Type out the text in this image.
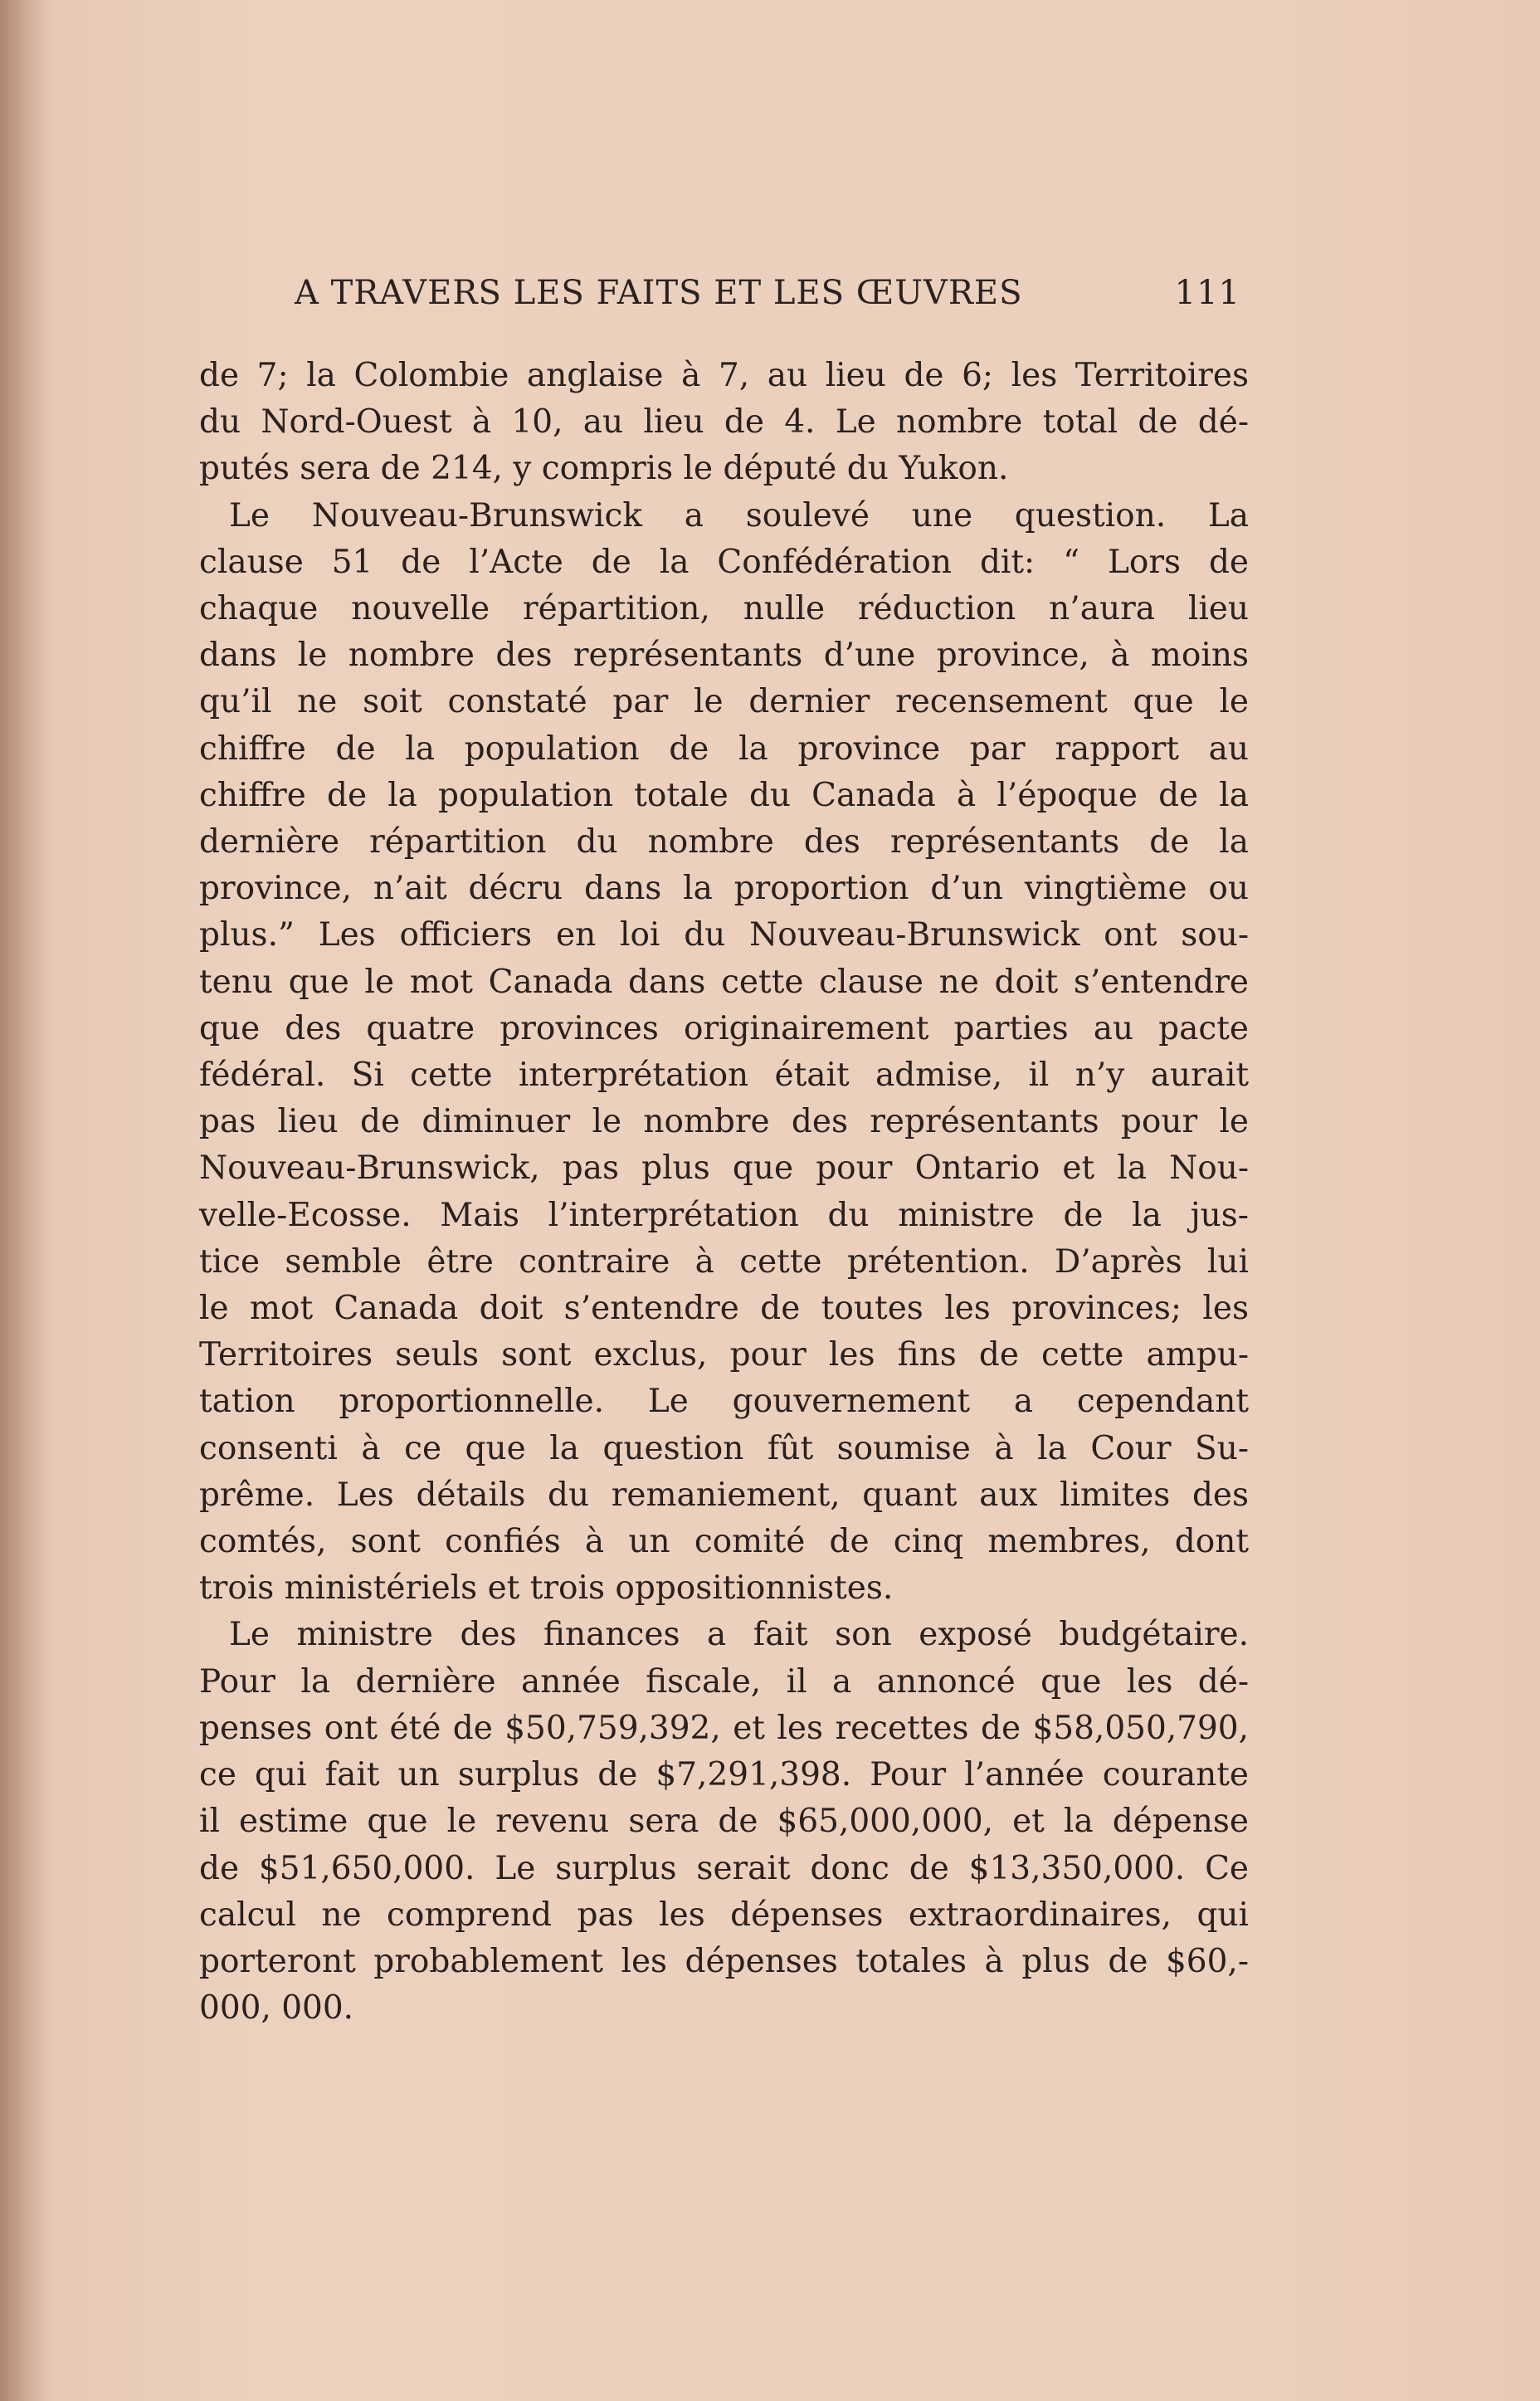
A TRAVERS LES FAITS ET LES ŒUVRES	111

de 7; la Colombie anglaise à 7, au lieu de 6; les Territoires
du Nord-Ouest à 10, au lieu de 4. Le nombre total de dé-
putés sera de 214, y compris le député du Yukon.

Le Nouveau-Brunswick a soulevé une question. La
clause 51 de l’Acte de la Confédération dit: “ Lors de
chaque nouvelle répartition, nulle réduction n’aura lieu
dans le nombre des représentants d’une province, à moins
qu’il ne soit constaté par le dernier recensement que le
chiffre de la population de la province par rapport au
chiffre de la population totale du Canada à l’époque de la
dernière répartition du nombre des représentants de la
province, n’ait décru dans la proportion d’un vingtième ou
plus.” Les officiers en loi du Nouveau-Brunswick ont sou-
tenu que le mot Canada dans cette clause ne doit s’entendre
que des quatre provinces originairement parties au pacte
fédéral. Si cette interprétation était admise, il n’y aurait
pas lieu de diminuer le nombre des représentants pour le
Nouveau-Brunswick, pas plus que pour Ontario et la Nou-
velle-Ecosse. Mais l’interprétation du ministre de la jus-
tice semble être contraire à cette prétention. D’après lui
le mot Canada doit s’entendre de toutes les provinces; les
Territoires seuls sont exclus, pour les fins de cette ampu-
tation proportionnelle. Le gouvernement a cependant
consenti à ce que la question fût soumise à la Cour Su-
prême. Les détails du remaniement, quant aux limites des
comtés, sont confiés à un comité de cinq membres, dont
trois ministériels et trois oppositionnistes.

Le ministre des finances a fait son exposé budgétaire.
Pour la dernière année fiscale, il a annoncé que les dé-
penses ont été de $50,759,392, et les recettes de $58,050,790,
ce qui fait un surplus de $7,291,398. Pour l’année courante
il estime que le revenu sera de $65,000,000, et la dépense
de $51,650,000. Le surplus serait donc de $13,350,000. Ce
calcul ne comprend pas les dépenses extraordinaires, qui
porteront probablement les dépenses totales à plus de $60,-
000, 000.
